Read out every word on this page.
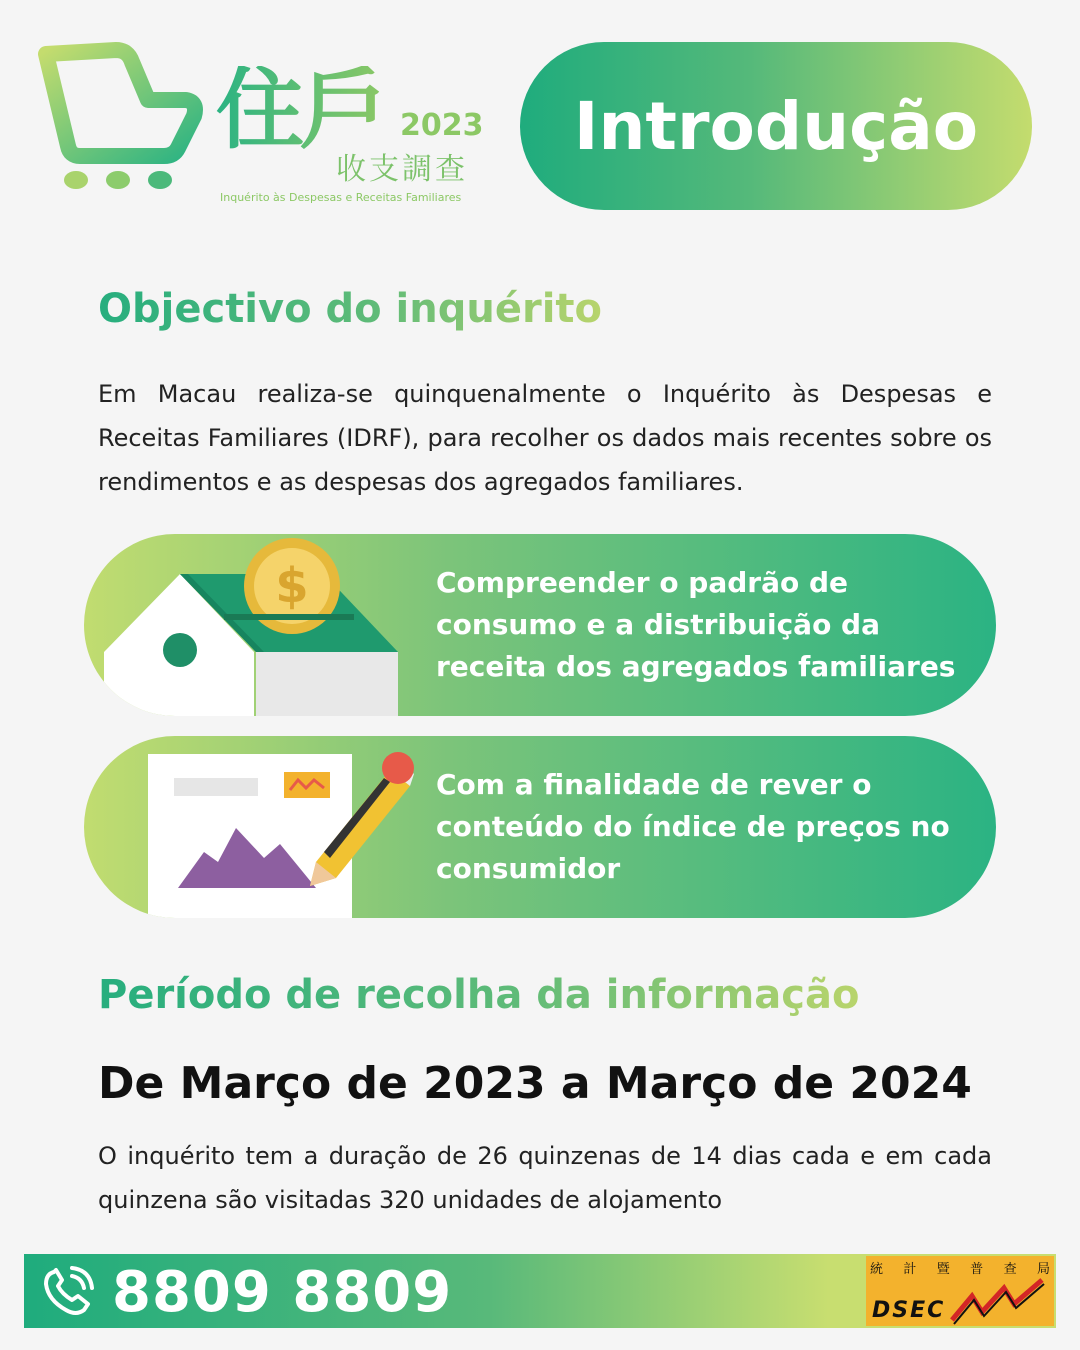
住戶 2023
收支調查
Inquérito às Despesas e Receitas Familiares
Introdução
Objectivo do inquérito
Em Macau realiza-se quinquenalmente o Inquérito às Despesas e Receitas Familiares (IDRF), para recolher os dados mais recentes sobre os rendimentos e as despesas dos agregados familiares.
$	Compreender o padrão de consumo e a distribuição da receita dos agregados familiares
Com a finalidade de rever o conteúdo do índice de preços no consumidor
Período de recolha da informação
De Março de 2023 a Março de 2024
O inquérito tem a duração de 26 quinzenas de 14 dias cada e em cada quinzena são visitadas 320 unidades de alojamento
8809 8809	統 計 暨 普 查 局
DSEC
